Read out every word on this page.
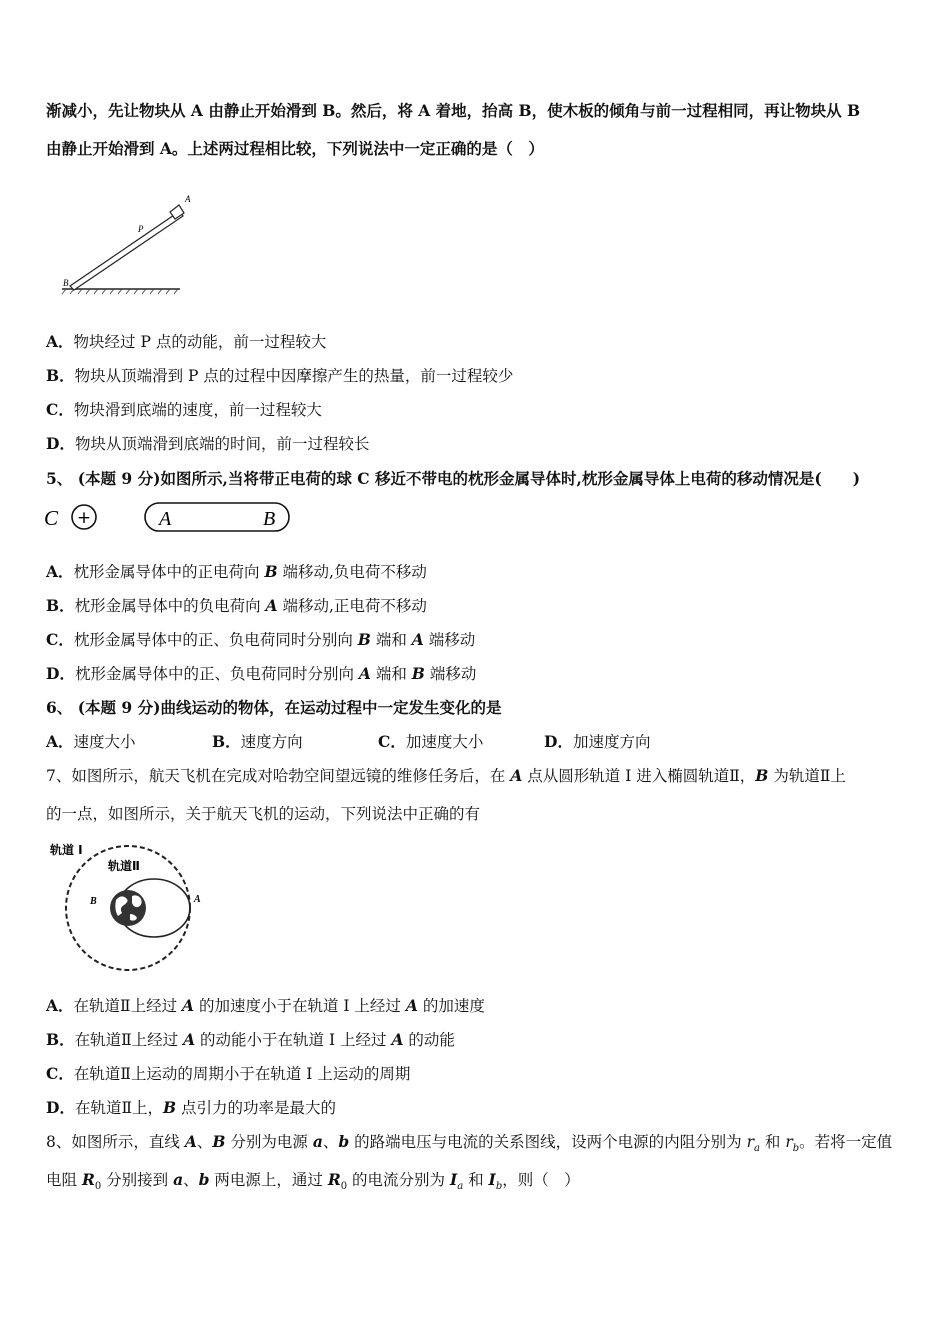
渐减小，先让物块从 A 由静止开始滑到 B。然后，将 A 着地，抬高 B，使木板的倾角与前一过程相同，再让物块从 B
由静止开始滑到 A。上述两过程相比较，下列说法中一定正确的是（　）
A
P
B
A．物块经过 P 点的动能，前一过程较大
B．物块从顶端滑到 P 点的过程中因摩擦产生的热量，前一过程较少
C．物块滑到底端的速度，前一过程较大
D．物块从顶端滑到底端的时间，前一过程较长
5、 (本题 9 分)如图所示,当将带正电荷的球 C 移近不带电的枕形金属导体时,枕形金属导体上电荷的移动情况是(　　)
C +	A	B
A．枕形金属导体中的正电荷向 B 端移动,负电荷不移动
B．枕形金属导体中的负电荷向 A 端移动,正电荷不移动
C．枕形金属导体中的正、负电荷同时分别向 B 端和 A 端移动
D．枕形金属导体中的正、负电荷同时分别向 A 端和 B 端移动
6、 (本题 9 分)曲线运动的物体，在运动过程中一定发生变化的是
A．速度大小	B．速度方向	C．加速度大小	D．加速度方向
7、如图所示，航天飞机在完成对哈勃空间望远镜的维修任务后，在 A 点从圆形轨道 I 进入椭圆轨道Ⅱ，B 为轨道Ⅱ上
的一点，如图所示，关于航天飞机的运动，下列说法中正确的有
轨道 I
轨道Ⅱ
B	A
A．在轨道Ⅱ上经过 A 的加速度小于在轨道 I 上经过 A 的加速度
B．在轨道Ⅱ上经过 A 的动能小于在轨道 I 上经过 A 的动能
C．在轨道Ⅱ上运动的周期小于在轨道 I 上运动的周期
D．在轨道Ⅱ上，B 点引力的功率是最大的
8、如图所示，直线 A、B 分别为电源 a、b 的路端电压与电流的关系图线，设两个电源的内阻分别为 $r_a$ 和 $r_b$。若将一定值
电阻 $R_0$ 分别接到 a、b 两电源上，通过 $R_0$ 的电流分别为 $I_a$ 和 $I_b$，则（　）
